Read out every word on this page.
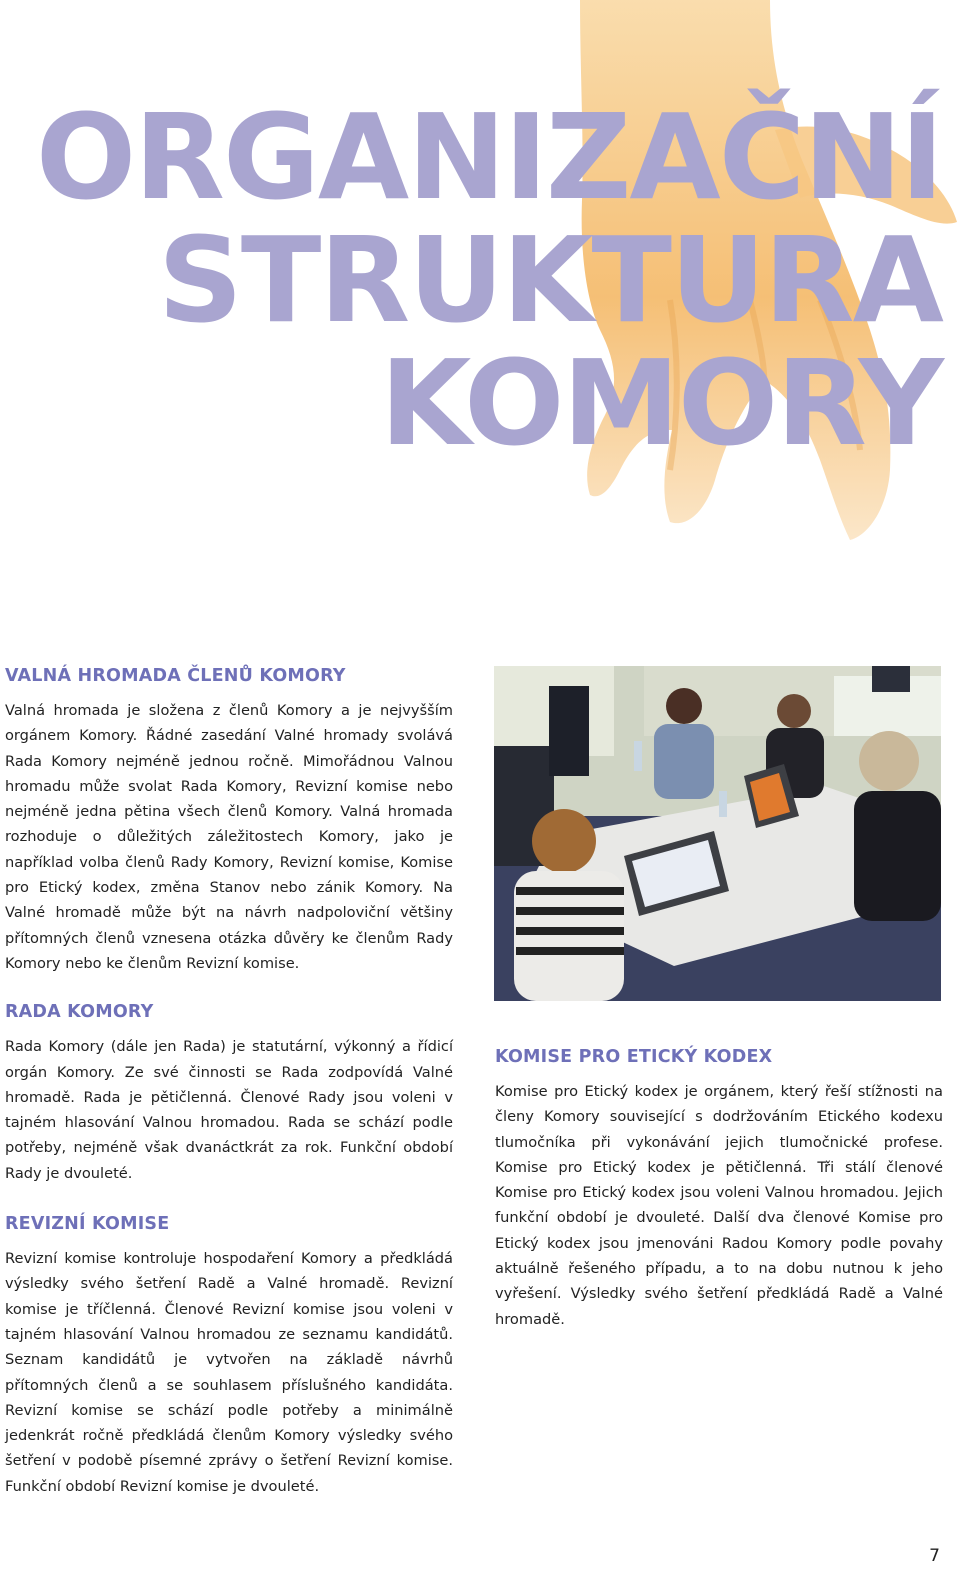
ORGANIZAČNÍ
STRUKTURA
KOMORY
VALNÁ HROMADA ČLENŮ KOMORY

Valná hromada je složena z členů Komory a je nejvyšším orgánem Komory. Řádné zasedání Valné hromady svolává Rada Komory nejméně jednou ročně. Mimořádnou Valnou hromadu může svolat Rada Komory, Revizní komise nebo nejméně jedna pětina všech členů Komory. Valná hromada rozhoduje o důležitých záležitostech Komory, jako je například volba členů Rady Komory, Revizní komise, Komise pro Etický kodex, změna Stanov nebo zánik Komory. Na Valné hromadě může být na návrh nadpoloviční většiny přítomných členů vznesena otázka důvěry ke členům Rady Komory nebo ke členům Revizní komise.

RADA KOMORY

Rada Komory (dále jen Rada) je statutární, výkonný a řídicí orgán Komory. Ze své činnosti se Rada zodpovídá Valné hromadě. Rada je pětičlenná. Členové Rady jsou voleni v tajném hlasování Valnou hromadou. Rada se schází podle potřeby, nejméně však dvanáctkrát za rok. Funkční období Rady je dvouleté.

REVIZNÍ KOMISE

Revizní komise kontroluje hospodaření Komory a předkládá výsledky svého šetření Radě a Valné hromadě. Revizní komise je tříčlenná. Členové Revizní komise jsou voleni v tajném hlasování Valnou hromadou ze seznamu kandidátů. Seznam kandidátů je vytvořen na základě návrhů přítomných členů a se souhlasem příslušného kandidáta. Revizní komise se schází podle potřeby a minimálně jedenkrát ročně předkládá členům Komory výsledky svého šetření v podobě písemné zprávy o šetření Revizní komise. Funkční období Revizní komise je dvouleté.

KOMISE PRO ETICKÝ KODEX

Komise pro Etický kodex je orgánem, který řeší stížnosti na členy Komory související s dodržováním Etického kodexu tlumočníka při vykonávání jejich tlumočnické profese. Komise pro Etický kodex je pětičlenná. Tři stálí členové Komise pro Etický kodex jsou voleni Valnou hromadou. Jejich funkční období je dvouleté. Další dva členové Komise pro Etický kodex jsou jmenováni Radou Komory podle povahy aktuálně řešeného případu, a to na dobu nutnou k jeho vyřešení. Výsledky svého šetření předkládá Radě a Valné hromadě.

7
